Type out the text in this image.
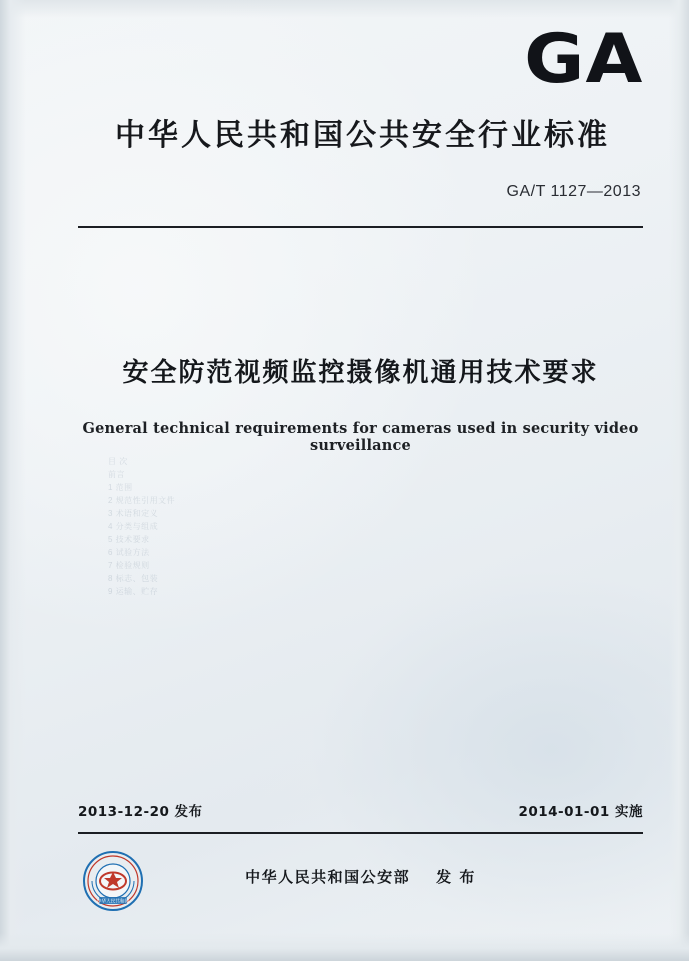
GA
中华人民共和国公共安全行业标准
GA/T 1127—2013
目 次
前言
1 范围
2 规范性引用文件
3 术语和定义
4 分类与组成
5 技术要求
6 试验方法
7 检验规则
8 标志、包装
9 运输、贮存
安全防范视频监控摄像机通用技术要求
General technical requirements for cameras used in security video surveillance
2013-12-20 发布	2014-01-01 实施
中华人民共和国
中华人民共和国公安部 发 布
